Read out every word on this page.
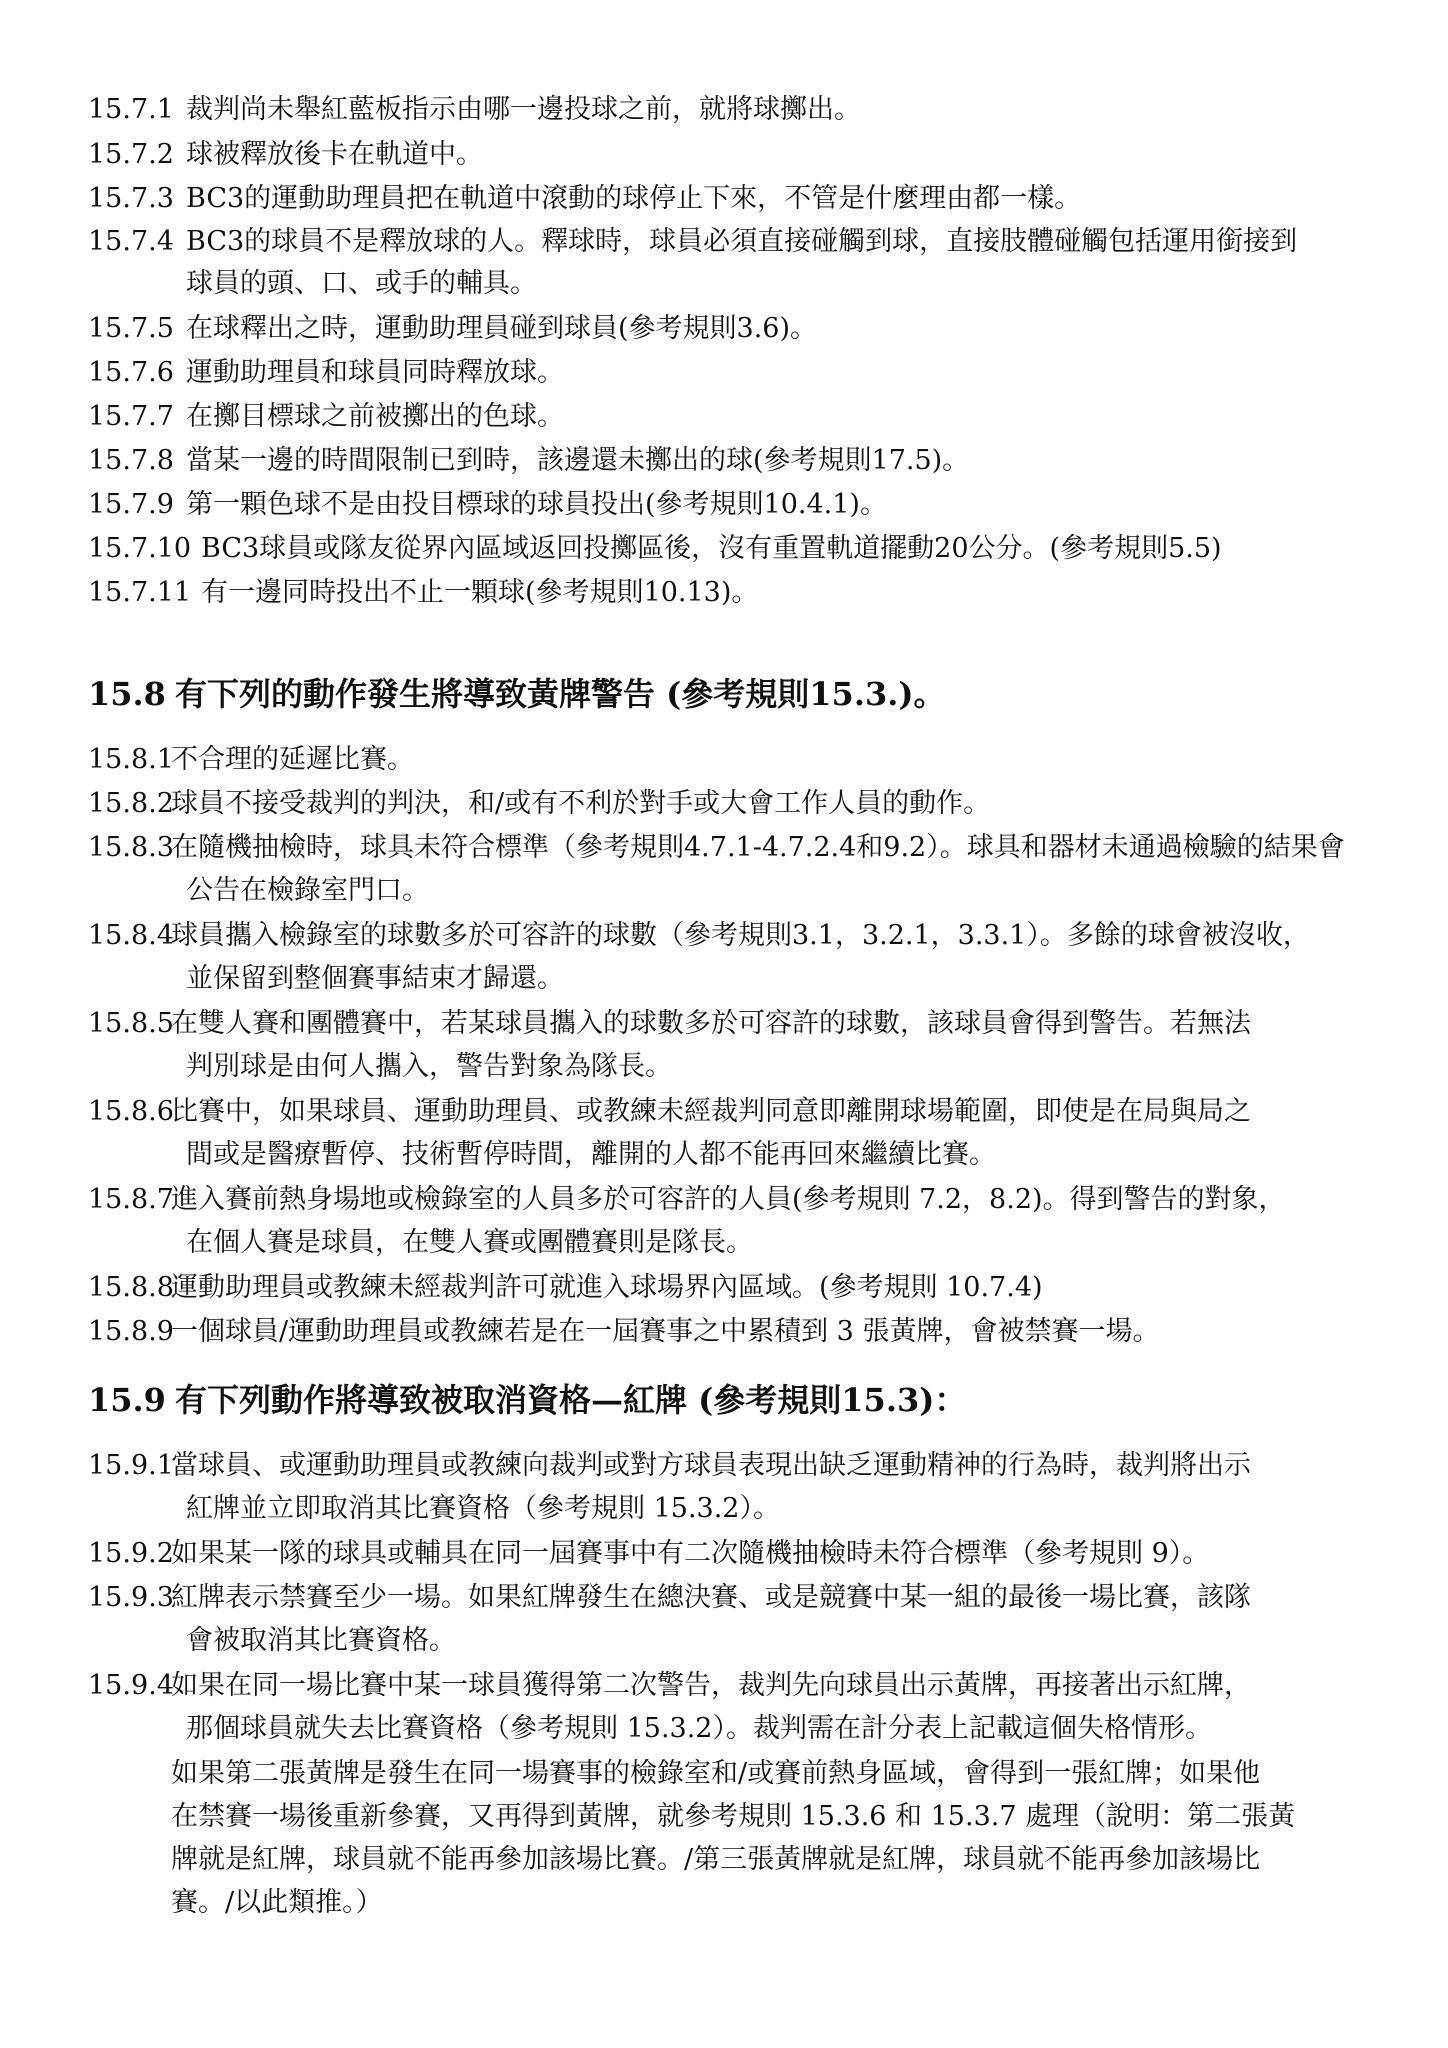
15.7.1 裁判尚未舉紅藍板指示由哪一邊投球之前，就將球擲出。
15.7.2 球被釋放後卡在軌道中。
15.7.3 BC3的運動助理員把在軌道中滾動的球停止下來，不管是什麼理由都一樣。
15.7.4 BC3的球員不是釋放球的人。釋球時，球員必須直接碰觸到球，直接肢體碰觸包括運用銜接到
球員的頭、口、或手的輔具。
15.7.5 在球釋出之時，運動助理員碰到球員(參考規則3.6)。
15.7.6 運動助理員和球員同時釋放球。
15.7.7 在擲目標球之前被擲出的色球。
15.7.8 當某一邊的時間限制已到時，該邊還未擲出的球(參考規則17.5)。
15.7.9 第一顆色球不是由投目標球的球員投出(參考規則10.4.1)。
15.7.10 BC3球員或隊友從界內區域返回投擲區後，沒有重置軌道擺動20公分。(參考規則5.5)
15.7.11 有一邊同時投出不止一顆球(參考規則10.13)。
15.8 有下列的動作發生將導致黃牌警告 (參考規則15.3.)。
15.8.1
不合理的延遲比賽。
15.8.2
球員不接受裁判的判決，和/或有不利於對手或大會工作人員的動作。
15.8.3
在隨機抽檢時，球具未符合標準（參考規則4.7.1-4.7.2.4和9.2）。球具和器材未通過檢驗的結果會
公告在檢錄室門口。
15.8.4
球員攜入檢錄室的球數多於可容許的球數（參考規則3.1，3.2.1，3.3.1）。多餘的球會被沒收，
並保留到整個賽事結束才歸還。
15.8.5
在雙人賽和團體賽中，若某球員攜入的球數多於可容許的球數，該球員會得到警告。若無法
判別球是由何人攜入，警告對象為隊長。
15.8.6
比賽中，如果球員、運動助理員、或教練未經裁判同意即離開球場範圍，即使是在局與局之
間或是醫療暫停、技術暫停時間，離開的人都不能再回來繼續比賽。
15.8.7
進入賽前熱身場地或檢錄室的人員多於可容許的人員(參考規則 7.2，8.2)。得到警告的對象，
在個人賽是球員，在雙人賽或團體賽則是隊長。
15.8.8
運動助理員或教練未經裁判許可就進入球場界內區域。(參考規則 10.7.4)
15.8.9
一個球員/運動助理員或教練若是在一屆賽事之中累積到 3 張黃牌，會被禁賽一場。
15.9 有下列動作將導致被取消資格—紅牌 (參考規則15.3)：
15.9.1
當球員、或運動助理員或教練向裁判或對方球員表現出缺乏運動精神的行為時，裁判將出示
紅牌並立即取消其比賽資格（參考規則 15.3.2）。
15.9.2
如果某一隊的球具或輔具在同一屆賽事中有二次隨機抽檢時未符合標準（參考規則 9）。
15.9.3
紅牌表示禁賽至少一場。如果紅牌發生在總決賽、或是競賽中某一組的最後一場比賽，該隊
會被取消其比賽資格。
15.9.4
如果在同一場比賽中某一球員獲得第二次警告，裁判先向球員出示黃牌，再接著出示紅牌，
那個球員就失去比賽資格（參考規則 15.3.2）。裁判需在計分表上記載這個失格情形。
如果第二張黃牌是發生在同一場賽事的檢錄室和/或賽前熱身區域，會得到一張紅牌；如果他
在禁賽一場後重新參賽，又再得到黃牌，就參考規則 15.3.6 和 15.3.7 處理（說明：第二張黃
牌就是紅牌，球員就不能再參加該場比賽。/第三張黃牌就是紅牌，球員就不能再參加該場比
賽。/以此類推。）
